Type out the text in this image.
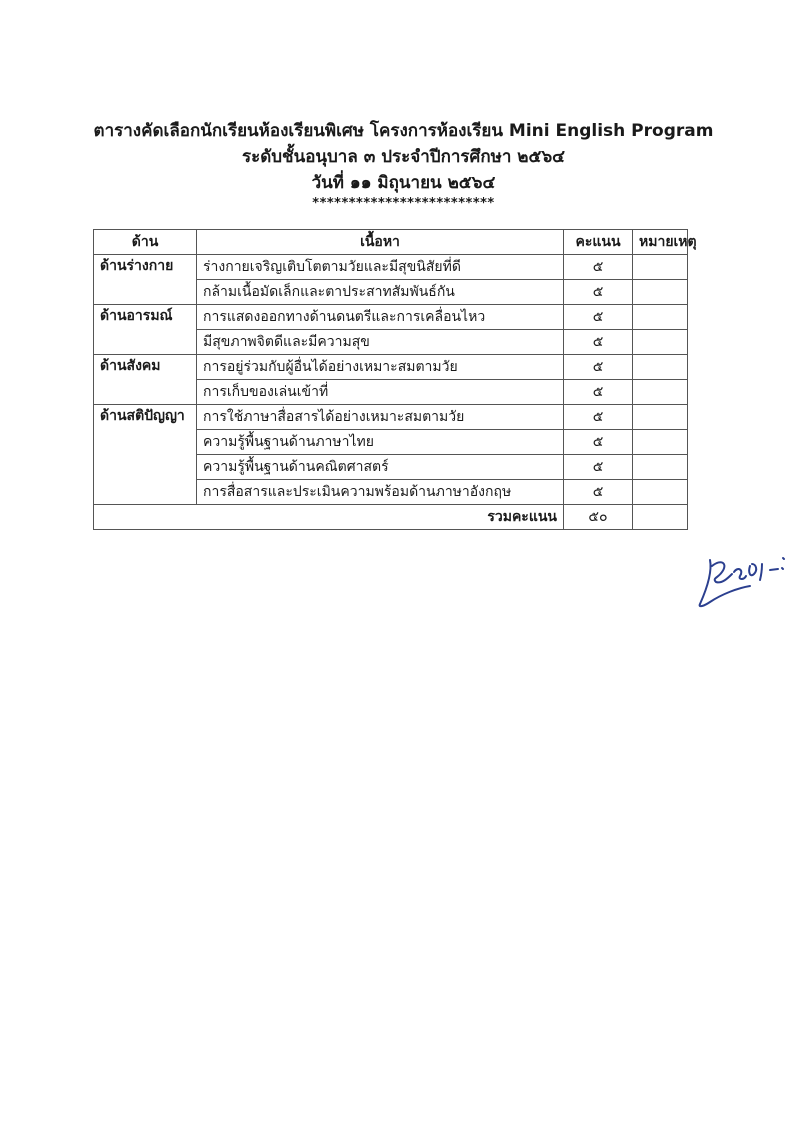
ตารางคัดเลือกนักเรียนห้องเรียนพิเศษ โครงการห้องเรียน Mini English Program
ระดับชั้นอนุบาล ๓ ประจำปีการศึกษา ๒๕๖๔
วันที่ ๑๑ มิถุนายน ๒๕๖๔
*************************
ด้าน	เนื้อหา	คะแนน	หมายเหตุ
ด้านร่างกาย	ร่างกายเจริญเติบโตตามวัยและมีสุขนิสัยที่ดี	๕	
	กล้ามเนื้อมัดเล็กและตาประสาทสัมพันธ์กัน	๕	
ด้านอารมณ์	การแสดงออกทางด้านดนตรีและการเคลื่อนไหว	๕	
	มีสุขภาพจิตดีและมีความสุข	๕	
ด้านสังคม	การอยู่ร่วมกับผู้อื่นได้อย่างเหมาะสมตามวัย	๕	
	การเก็บของเล่นเข้าที่	๕	
ด้านสติปัญญา	การใช้ภาษาสื่อสารได้อย่างเหมาะสมตามวัย	๕	
	ความรู้พื้นฐานด้านภาษาไทย	๕	
	ความรู้พื้นฐานด้านคณิตศาสตร์	๕	
	การสื่อสารและประเมินความพร้อมด้านภาษาอังกฤษ	๕	
รวมคะแนน		๕๐	
